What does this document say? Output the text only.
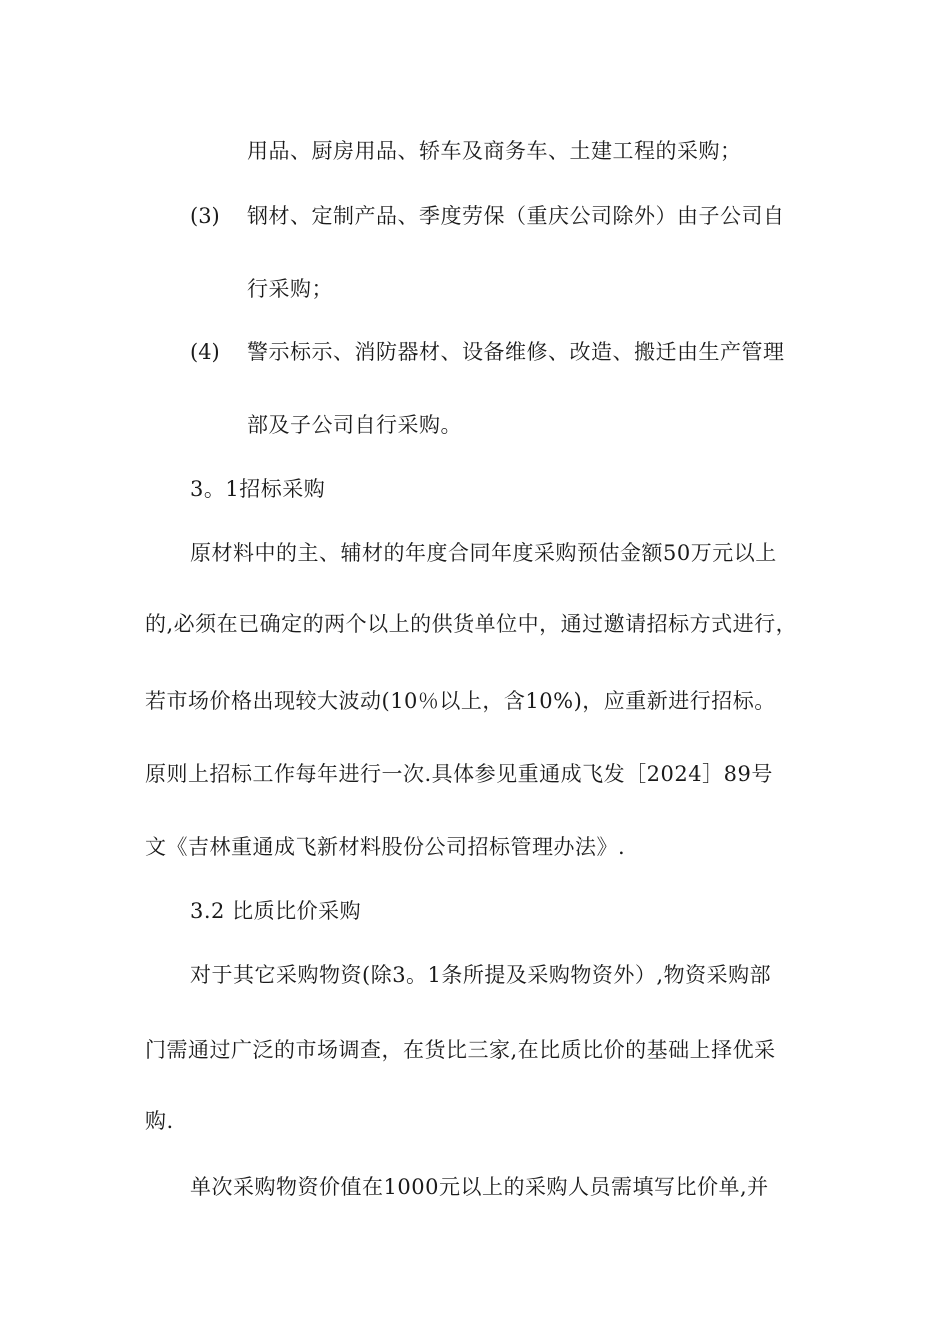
用品、厨房用品、轿车及商务车、土建工程的采购；
(3) 钢材、定制产品、季度劳保（重庆公司除外）由子公司自
行采购；
(4) 警示标示、消防器材、设备维修、改造、搬迁由生产管理
部及子公司自行采购。
3。1招标采购
原材料中的主、辅材的年度合同年度采购预估金额50万元以上
的,必须在已确定的两个以上的供货单位中，通过邀请招标方式进行，
若市场价格出现较大波动(10％以上，含10%)，应重新进行招标。
原则上招标工作每年进行一次.具体参见重通成飞发［2024］89号
文《吉林重通成飞新材料股份公司招标管理办法》.
3.2 比质比价采购
对于其它采购物资(除3。1条所提及采购物资外）,物资采购部
门需通过广泛的市场调查，在货比三家,在比质比价的基础上择优采
购.
单次采购物资价值在1000元以上的采购人员需填写比价单,并
